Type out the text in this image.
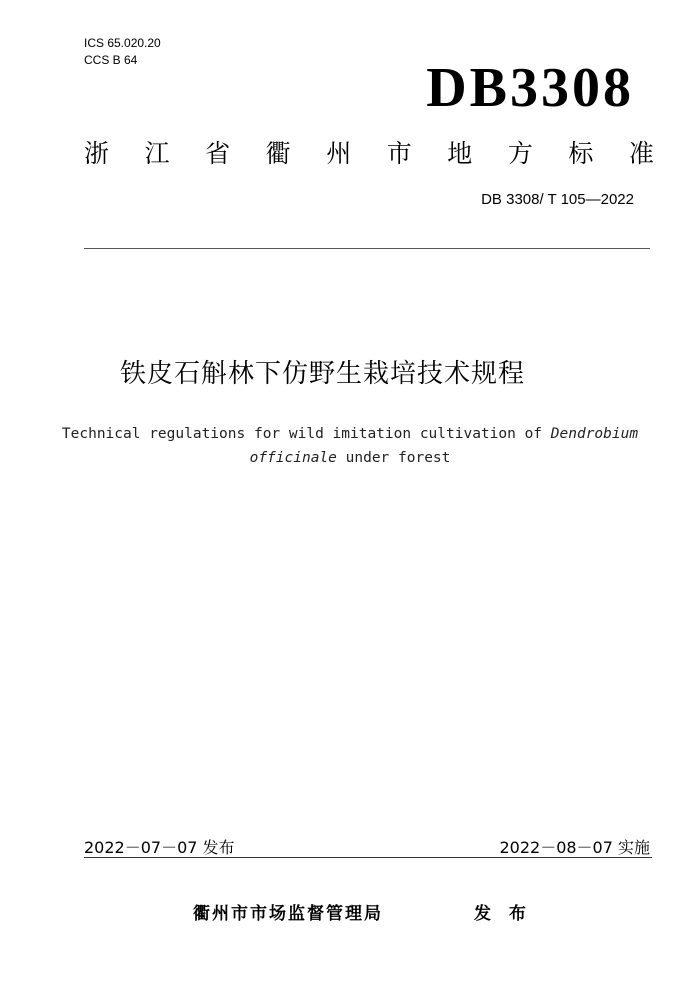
ICS 65.020.20
CCS B 64	DB3308
浙 江 省 衢 州 市 地 方 标 准
DB 3308/ T 105—2022
铁皮石斛林下仿野生栽培技术规程
Technical regulations for wild imitation cultivation of Dendrobium
officinale under forest
2022－07－07 发布	2022－08－07 实施
衢州市市场监督管理局	发 布
